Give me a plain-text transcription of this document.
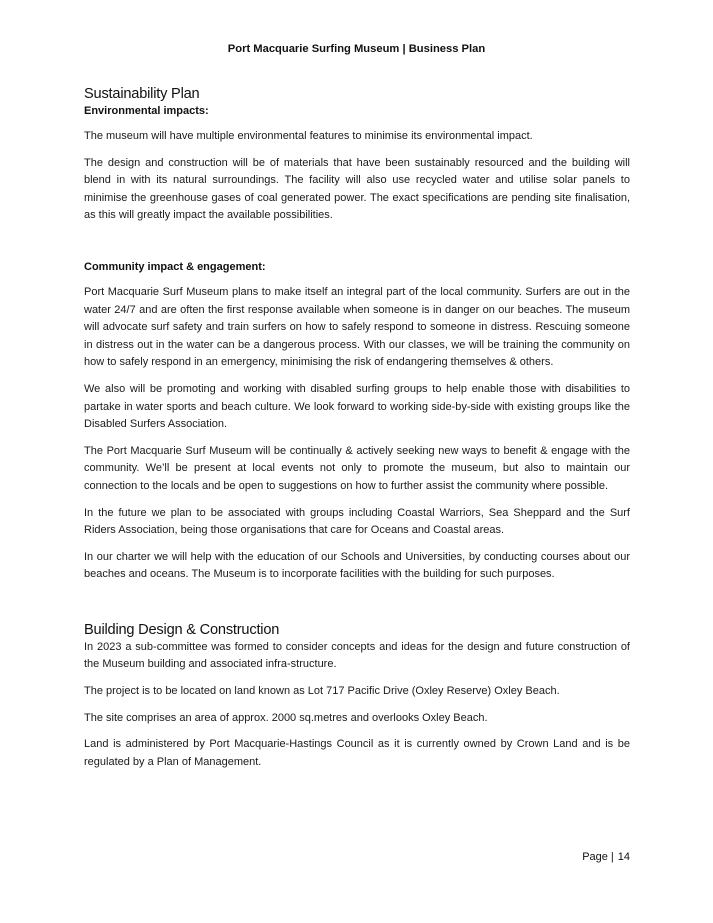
Port Macquarie Surfing Museum | Business Plan
Sustainability Plan
Environmental impacts:

The museum will have multiple environmental features to minimise its environmental impact.

The design and construction will be of materials that have been sustainably resourced and the building will blend in with its natural surroundings. The facility will also use recycled water and utilise solar panels to minimise the greenhouse gases of coal generated power. The exact specifications are pending site finalisation, as this will greatly impact the available possibilities.

Community impact & engagement:

Port Macquarie Surf Museum plans to make itself an integral part of the local community. Surfers are out in the water 24/7 and are often the first response available when someone is in danger on our beaches. The museum will advocate surf safety and train surfers on how to safely respond to someone in distress. Rescuing someone in distress out in the water can be a dangerous process. With our classes, we will be training the community on how to safely respond in an emergency, minimising the risk of endangering themselves & others.

We also will be promoting and working with disabled surfing groups to help enable those with disabilities to partake in water sports and beach culture. We look forward to working side-by-side with existing groups like the Disabled Surfers Association.

The Port Macquarie Surf Museum will be continually & actively seeking new ways to benefit & engage with the community. We’ll be present at local events not only to promote the museum, but also to maintain our connection to the locals and be open to suggestions on how to further assist the community where possible.

In the future we plan to be associated with groups including Coastal Warriors, Sea Sheppard and the Surf Riders Association, being those organisations that care for Oceans and Coastal areas.

In our charter we will help with the education of our Schools and Universities, by conducting courses about our beaches and oceans. The Museum is to incorporate facilities with the building for such purposes.

Building Design & Construction

In 2023 a sub-committee was formed to consider concepts and ideas for the design and future construction of the Museum building and associated infra-structure.

The project is to be located on land known as Lot 717 Pacific Drive (Oxley Reserve) Oxley Beach.

The site comprises an area of approx. 2000 sq.metres and overlooks Oxley Beach.

Land is administered by Port Macquarie-Hastings Council as it is currently owned by Crown Land and is be regulated by a Plan of Management.

Page | 14
